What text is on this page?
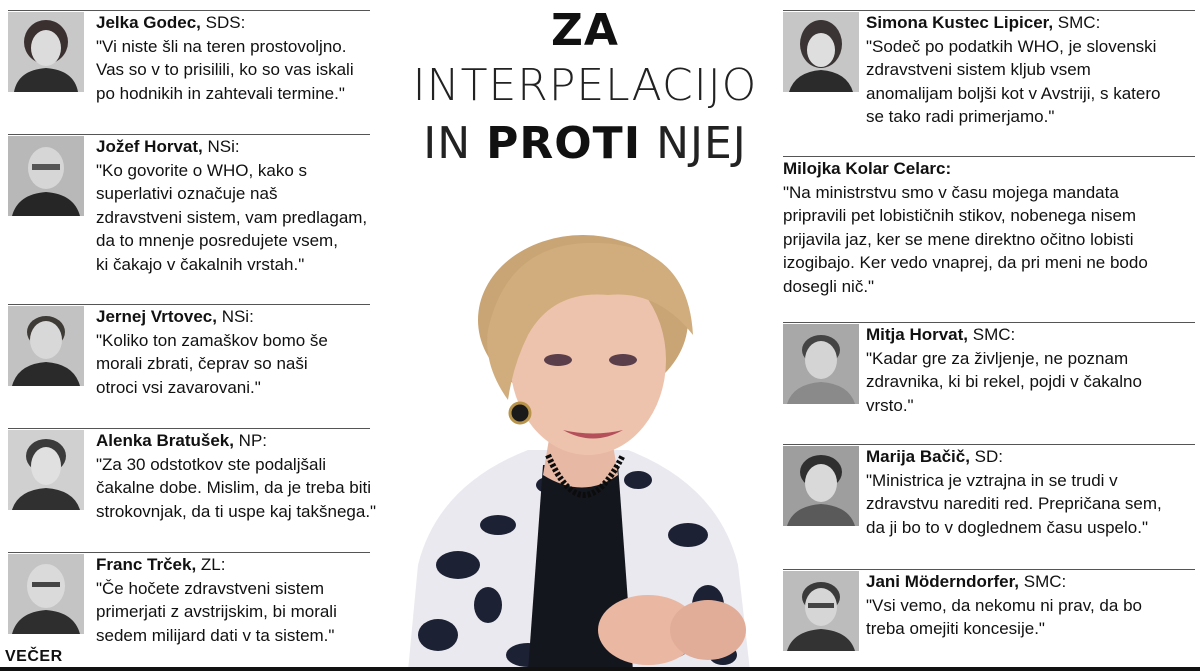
ZA
INTERPELACIJO
IN PROTI NJEJ
Jelka Godec, SDS:
"Vi niste šli na teren prostovoljno.
Vas so v to prisilili, ko so vas iskali
po hodnikih in zahtevali termine."
Jožef Horvat, NSi:
"Ko govorite o WHO, kako s
superlativi označuje naš
zdravstveni sistem, vam predlagam,
da to mnenje posredujete vsem,
ki čakajo v čakalnih vrstah."
Jernej Vrtovec, NSi:
"Koliko ton zamaškov bomo še
morali zbrati, čeprav so naši
otroci vsi zavarovani."
Alenka Bratušek, NP:
"Za 30 odstotkov ste podaljšali
čakalne dobe. Mislim, da je treba biti
strokovnjak, da ti uspe kaj takšnega."
Franc Trček, ZL:
"Če hočete zdravstveni sistem
primerjati z avstrijskim, bi morali
sedem milijard dati v ta sistem."
Simona Kustec Lipicer, SMC:
"Sodeč po podatkih WHO, je slovenski
zdravstveni sistem kljub vsem
anomalijam boljši kot v Avstriji, s katero
se tako radi primerjamo."
Milojka Kolar Celarc:
"Na ministrstvu smo v času mojega mandata
pripravili pet lobističnih stikov, nobenega nisem
prijavila jaz, ker se mene direktno očitno lobisti
izogibajo. Ker vedo vnaprej, da pri meni ne bodo
dosegli nič."
Mitja Horvat, SMC:
"Kadar gre za življenje, ne poznam
zdravnika, ki bi rekel, pojdi v čakalno
vrsto."
Marija Bačič, SD:
"Ministrica je vztrajna in se trudi v
zdravstvu narediti red. Prepričana sem,
da ji bo to v doglednem času uspelo."
Jani Möderndorfer, SMC:
"Vsi vemo, da nekomu ni prav, da bo
treba omejiti koncesije."
VEČER
